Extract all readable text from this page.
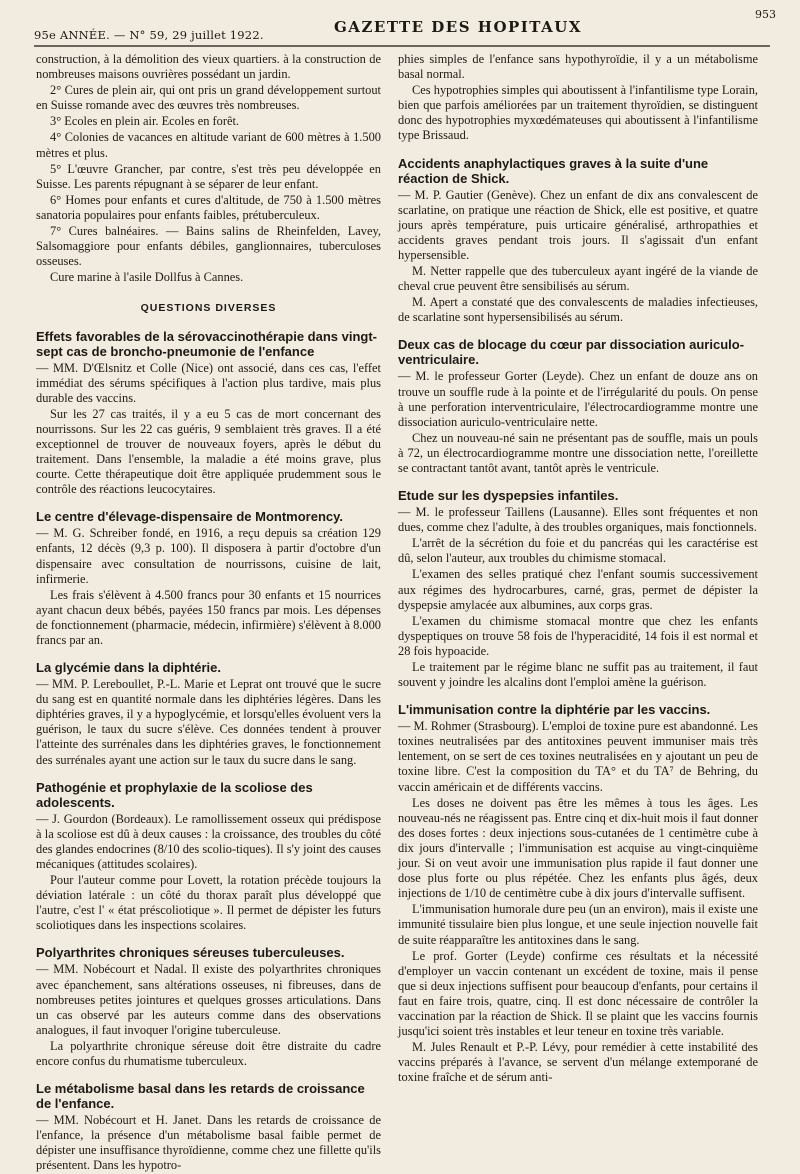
95e ANNÉE. — N° 59, 29 juillet 1922.	GAZETTE DES HOPITAUX
953

construction, à la démolition des vieux quartiers. à la construction de nombreuses maisons ouvrières possédant un jardin.

2° Cures de plein air, qui ont pris un grand développement surtout en Suisse romande avec des œuvres très nombreuses.

3° Ecoles en plein air. Ecoles en forêt.

4° Colonies de vacances en altitude variant de 600 mètres à 1.500 mètres et plus.

5° L'œuvre Grancher, par contre, s'est très peu développée en Suisse. Les parents répugnant à se séparer de leur enfant.

6° Homes pour enfants et cures d'altitude, de 750 à 1.500 mètres sanatoria populaires pour enfants faibles, prétuberculeux.

7° Cures balnéaires. — Bains salins de Rheinfelden, Lavey, Salsomaggiore pour enfants débiles, ganglionnaires, tuberculoses osseuses.

Cure marine à l'asile Dollfus à Cannes.

QUESTIONS DIVERSES
Effets favorables de la sérovaccinothérapie dans vingt-sept cas de broncho-pneumonie de l'enfance

— MM. D'Œlsnitz et Colle (Nice) ont associé, dans ces cas, l'effet immédiat des sérums spécifiques à l'action plus tardive, mais plus durable des vaccins.

Sur les 27 cas traités, il y a eu 5 cas de mort concernant des nourrissons. Sur les 22 cas guéris, 9 semblaient très graves. Il a été exceptionnel de trouver de nouveaux foyers, après le début du traitement. Dans l'ensemble, la maladie a été moins grave, plus courte. Cette thérapeutique doit être appliquée prudemment sous le contrôle des réactions leucocytaires.

Le centre d'élevage-dispensaire de Montmorency.

— M. G. Schreiber fondé, en 1916, a reçu depuis sa création 129 enfants, 12 décès (9,3 p. 100). Il disposera à partir d'octobre d'un dispensaire avec consultation de nourrissons, cuisine de lait, infirmerie.

Les frais s'élèvent à 4.500 francs pour 30 enfants et 15 nourrices ayant chacun deux bébés, payées 150 francs par mois. Les dépenses de fonctionnement (pharmacie, médecin, infirmière) s'élèvent à 8.000 francs par an.

La glycémie dans la diphtérie.

— MM. P. Lereboullet, P.-L. Marie et Leprat ont trouvé que le sucre du sang est en quantité normale dans les diphtéries légères. Dans les diphtéries graves, il y a hypoglycémie, et lorsqu'elles évoluent vers la guérison, le taux du sucre s'élève. Ces données tendent à prouver l'atteinte des surrénales dans les diphtéries graves, le fonctionnement des surrénales ayant une action sur le taux du sucre dans le sang.

Pathogénie et prophylaxie de la scoliose des adolescents.

— J. Gourdon (Bordeaux). Le ramollissement osseux qui prédispose à la scoliose est dû à deux causes : la croissance, des troubles du côté des glandes endocrines (8/10 des scolio-tiques). Il s'y joint des causes mécaniques (attitudes scolaires).

Pour l'auteur comme pour Lovett, la rotation précède toujours la déviation latérale : un côté du thorax paraît plus développé que l'autre, c'est l' « état préscoliotique ». Il permet de dépister les futurs scoliotiques dans les inspections scolaires.

Polyarthrites chroniques séreuses tuberculeuses.

— MM. Nobécourt et Nadal. Il existe des polyarthrites chroniques avec épanchement, sans altérations osseuses, ni fibreuses, dans de nombreuses petites jointures et quelques grosses articulations. Dans un cas observé par les auteurs comme dans des observations analogues, il faut invoquer l'origine tuberculeuse.

La polyarthrite chronique séreuse doit être distraite du cadre encore confus du rhumatisme tuberculeux.

Le métabolisme basal dans les retards de croissance de l'enfance.

— MM. Nobécourt et H. Janet. Dans les retards de croissance de l'enfance, la présence d'un métabolisme basal faible permet de dépister une insuffisance thyroïdienne, comme chez une fillette qu'ils présentent. Dans les hypotro-

phies simples de l'enfance sans hypothyroïdie, il y a un métabolisme basal normal.

Ces hypotrophies simples qui aboutissent à l'infantilisme type Lorain, bien que parfois améliorées par un traitement thyroïdien, se distinguent donc des hypotrophies myxœdémateuses qui aboutissent à l'infantilisme type Brissaud.

Accidents anaphylactiques graves à la suite d'une réaction de Shick.

— M. P. Gautier (Genève). Chez un enfant de dix ans convalescent de scarlatine, on pratique une réaction de Shick, elle est positive, et quatre jours après température, puis urticaire généralisé, arthropathies et accidents graves pendant trois jours. Il s'agissait d'un enfant hypersensible.

M. Netter rappelle que des tuberculeux ayant ingéré de la viande de cheval crue peuvent être sensibilisés au sérum.

M. Apert a constaté que des convalescents de maladies infectieuses, de scarlatine sont hypersensibilisés au sérum.

Deux cas de blocage du cœur par dissociation auriculo-ventriculaire.

— M. le professeur Gorter (Leyde). Chez un enfant de douze ans on trouve un souffle rude à la pointe et de l'irrégularité du pouls. On pense à une perforation interventriculaire, l'électrocardiogramme montre une dissociation auriculo-ventriculaire nette.

Chez un nouveau-né sain ne présentant pas de souffle, mais un pouls à 72, un électrocardiogramme montre une dissociation nette, l'oreillette se contractant tantôt avant, tantôt après le ventricule.

Etude sur les dyspepsies infantiles.

— M. le professeur Taillens (Lausanne). Elles sont fréquentes et non dues, comme chez l'adulte, à des troubles organiques, mais fonctionnels.

L'arrêt de la sécrétion du foie et du pancréas qui les caractérise est dû, selon l'auteur, aux troubles du chimisme stomacal.

L'examen des selles pratiqué chez l'enfant soumis successivement aux régimes des hydrocarbures, carné, gras, permet de dépister la dyspepsie amylacée aux albumines, aux corps gras.

L'examen du chimisme stomacal montre que chez les enfants dyspeptiques on trouve 58 fois de l'hyperacidité, 14 fois il est normal et 28 fois hypoacide.

Le traitement par le régime blanc ne suffit pas au traitement, il faut souvent y joindre les alcalins dont l'emploi amène la guérison.

L'immunisation contre la diphtérie par les vaccins.

— M. Rohmer (Strasbourg). L'emploi de toxine pure est abandonné. Les toxines neutralisées par des antitoxines peuvent immuniser mais très lentement, on se sert de ces toxines neutralisées en y ajoutant un peu de toxine libre. C'est la composition du TA° et du TA⁷ de Behring, du vaccin américain et de différents vaccins.

Les doses ne doivent pas être les mêmes à tous les âges. Les nouveau-nés ne réagissent pas. Entre cinq et dix-huit mois il faut donner des doses fortes : deux injections sous-cutanées de 1 centimètre cube à dix jours d'intervalle ; l'immunisation est acquise au vingt-cinquième jour. Si on veut avoir une immunisation plus rapide il faut donner une dose plus forte ou plus répétée. Chez les enfants plus âgés, deux injections de 1/10 de centimètre cube à dix jours d'intervalle suffisent.

L'immunisation humorale dure peu (un an environ), mais il existe une immunité tissulaire bien plus longue, et une seule injection nouvelle fait de suite réapparaître les antitoxines dans le sang.

Le prof. Gorter (Leyde) confirme ces résultats et la nécessité d'employer un vaccin contenant un excédent de toxine, mais il pense que si deux injections suffisent pour beaucoup d'enfants, pour certains il faut en faire trois, quatre, cinq. Il est donc nécessaire de contrôler la vaccination par la réaction de Shick. Il se plaint que les vaccins fournis jusqu'ici soient très instables et leur teneur en toxine très variable.

M. Jules Renault et P.-P. Lévy, pour remédier à cette instabilité des vaccins préparés à l'avance, se servent d'un mélange extemporané de toxine fraîche et de sérum anti-
